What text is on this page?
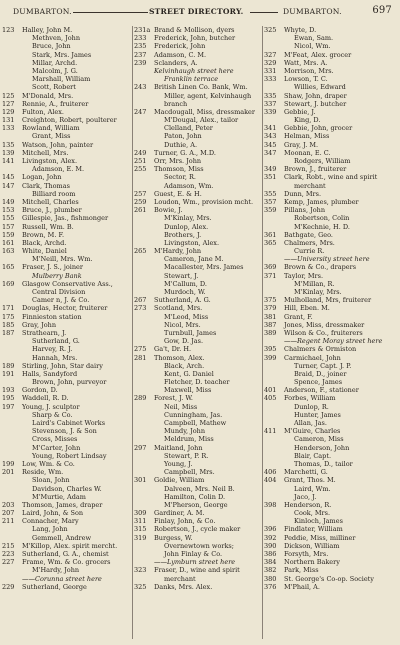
DUMBARTON.	STREET DIRECTORY.	DUMBARTON.	697
123	Halley, John M.
Methven, John
Bruce, John
Stark, Mrs. James
Millar, Archd.
Malcolm, J. G.
Marshall, William
Scott, Robert
125	M'Donald, Mrs.
127	Rennie, A., fruiterer
129	Fulton, Alex.
131	Creighton, Robert, poulterer
133	Rowland, William
Grant, Miss
135	Watson, John, painter
139	Mitchell, Mrs.
141	Livingston, Alex.
Adamson, E. M.
145	Logan, John
147	Clark, Thomas
Billiard room
149	Mitchell, Charles
153	Bruce, J., plumber
155	Gillespie, Jas., fishmonger
157	Russell, Wm. B.
159	Brown, M. F.
161	Black, Archd.
163	White, Daniel
M'Neill, Mrs. Wm.
165	Fraser, J. S., joiner
Mulberry Bank
169	Glasgow Conservative Ass.,
Central Division
Camer n, J. & Co.
171	Douglas, Hector, fruiterer
175	Finnieston station
185	Gray, John
187	Strathearn, J.
Sutherland, G.
Harvey, R. J.
Hannah, Mrs.
189	Stirling, John, Star dairy
191	Halls, Sandyford
Brown, John, purveyor
193	Gordon, D.
195	Waddell, R. D.
197	Young, J. sculptor
Sharp & Co.
Laird's Cabinet Works
Stevenson, J. & Son
Cross, Misses
M'Carter, John
Young, Robert Lindsay
199	Low, Wm. & Co.
201	Reside, Wm.
Sloan, John
Davidson, Charles W.
M'Murtie, Adam
203	Thomson, James, draper
207	Laird, John, & Son
211	Connacher, Mary
Lang, John
Gemmell, Andrew
215	M'Killop, Alex. spirit mercht.
223	Sutherland, G. A., chemist
227	Frame, Wm. & Co. grocers
M'Hardy, John
——Corunna street here
229	Sutherland, George
231a Brand & Mollison, dyers
233	Frederick, John, butcher
235	Frederick, John
237	Adamson, C. M.
239	Sclanders, A.
Kelvinhaugh street here
Franklin terrace
243	British Linen Co. Bank, Wm.
Miller, agent, Kelvinhaugh
branch
247	Macdougall, Miss, dressmaker
M'Dougal, Alex., tailor
Clelland, Peter
Paton, John
Duthie, A.
249	Turner, G. A., M.D.
251	Orr, Mrs. John
255	Thomson, Miss
Sector, R.
Adamson, Wm.
257	Guest, E. & H.
259	Loudon, Wm., provision mcht.
261	Bowie, J.
M'Kinlay, Mrs.
Dunlop, Alex.
Brothers, J.
Livingston, Alex.
265	M'Hardy, John
Cameron, Jane M.
Macallester, Mrs. James
Stewart, J.
M'Callum, D.
Murdoch, W.
267	Sutherland, A. G.
273	Scotland, Mrs.
M'Leod, Miss
Nicol, Mrs.
Turnbull, James
Gow, D. Jas.
275	Ga't, Dr. H.
281	Thomson, Alex.
Black, Arch.
Kent, G. Daniel
Fletcher, D. teacher
Maxwell, Miss
289	Forest, J. W.
Neil, Miss
Cunningham, Jas.
Campbell, Mathew
Mundy, John
Meldrum, Miss
297	Maitland, John
Stewart, P. R.
Young, J.
Campbell, Mrs.
301	Goldie, William
Dalveen, Mrs. Neil B.
Hamilton, Colin D.
M'Pherson, George
309	Gardiner, A. M.
311	Finlay, John, & Co.
315	Robertson, J., cycle maker
319	Burgess, W.
Overnewtown works;
John Finlay & Co.
——Lymburn street here
323	Fraser, D., wine and spirit
merchant
325	Danks, Mrs. Alex.
325	Whyte, D.
Ewan, Sam.
Nicol, Wm.
327	M'Feat, Alex. grocer
329	Watt, Mrs. A.
331	Morrison, Mrs.
333	Lowson, T. C.
Willies, Edward
335	Shaw, John, draper
337	Stewart, J. butcher
339	Gebbie, J.
King, D.
341	Gebbie, John, grocer
343	Helman, Miss
345	Gray, J. M.
347	Moonan, E. C.
Rodgers, William
349	Brown, J., fruiterer
351	Clark, Robt., wine and spirit
merchant
355	Dunn, Mrs.
357	Kemp, James, plumber
359	Pillans, John
Robertson, Colin
M'Kechnie, H. D.
361	Bathgate, Geo.
365	Chalmers, Mrs.
Currie R.
——University street here
369	Brown & Co., drapers
371	Taylor, Mrs.
M'Millan, R.
M'Kinlay, Mrs.
375	Mulholland, Mrs, fruiterer
379	Hill, Eben. M.
381	Grant, F.
387	Jones, Miss, dressmaker
389	Wilson & Co., fruiterers
——Regent Moray street here
395	Chalmers & Ormiston
399	Carmichael, John
Turner, Capt. J. P.
Braid, D., joiner
Spence, James
401	Anderson, F., stationer
405	Forbes, William
Dunlop, R.
Hunter, James
Allan, Jas.
411	M'Guire, Charles
Cameron, Miss
Henderson, John
Blair, Capt.
Thomas, D., tailor
406	Marchetti, G.
404	Grant, Thos. M.
Laird, Wm.
Jaco, J.
398	Henderson, R.
Cook, Mrs.
Kinloch, James
396	Findlater, William
392	Peddie, Miss, milliner
390	Dickson, William
386	Forsyth, Mrs.
384	Northern Bakery
382	Park, Miss
380	St. George's Co-op. Society
376	M'Phail, A.
